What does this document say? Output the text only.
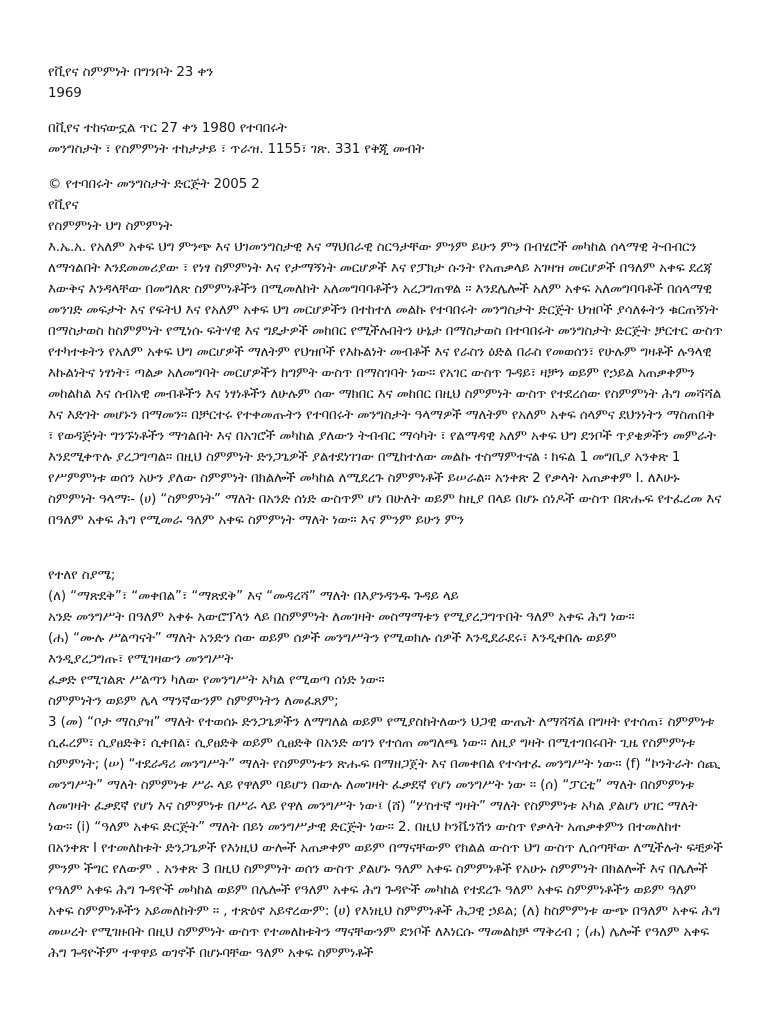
የቪየና ስምምነት በግንቦት 23 ቀን
1969
በቪየና ተከናውኗል ጥር 27 ቀን 1980 የተባበሩት
መንግስታት ፣ የስምምነት ተከታታይ ፣ ጥራዝ. 1155፣ ገጽ. 331 የቅጂ መብት
© የተባበሩት መንግስታት ድርጅት 2005 2
የቪየና
የስምምነት ህግ ስምምነት
እ.ኤ.አ. የአለም አቀፍ ህግ ምንጭ እና ህገመንግስታዊ እና ማህበራዊ ስርዓታቸው ምንም ይሁን ምን በብሄሮች መካከል ሰላማዊ ትብብርን ለማጎልበት እንደመመሪያው ፣ የነፃ ስምምነት እና የታማኝነት መርሆዎች እና የፓክታ ሱንት የአጠቃላይ አገዛዝ መርሆዎች በዓለም አቀፍ ደረጃ እውቅና እንዳላቸው በመግለጽ ስምምነቶችን በሚመለከት አለመግባባቶችን አረጋግጠዋል ። እንደሌሎች አለም አቀፍ አለመግባባቶች በሰላማዊ መንገድ መፍታት እና የፍትህ እና የአለም አቀፍ ህግ መርሆዎችን በተከተለ መልኩ የተባበሩት መንግስታት ድርጅት ህዝቦች ያሳለፉትን ቁርጠኝነት በማስታወስ ከስምምነት የሚነሱ ፍትሃዊ እና ግዴታዎች መከበር የሚችሉበትን ሁኔታ በማስታወስ በተባበሩት መንግስታት ድርጅት ቻርተር ውስጥ የተካተቱትን የአለም አቀፍ ህግ መርሆዎች ማለትም የህዝቦች የእኩልነት መብቶች እና የራስን ዕድል በራስ የመወሰን፣ የሁሉም ግዛቶች ሉዓላዊ እኩልነትና ነፃነት፣ ጣልቃ አለመግባት መርሆዎችን ከግምት ውስጥ በማስገባት ነው። የአገር ውስጥ ጉዳይ፣ ዛቻን ወይም የኃይል አጠቃቀምን መከልከል እና ሰብአዊ መብቶችን እና ነፃነቶችን ለሁሉም ሰው ማክበር እና መከበር በዚህ ስምምነት ውስጥ የተደረሰው የስምምነት ሕግ መሻሻል እና እድገት መሆኑን በማመን። በቻርተሩ የተቀመጡትን የተባበሩት መንግስታት ዓላማዎች ማለትም የአለም አቀፍ ሰላምና ደህንነትን ማስጠበቅ ፣ የወዳጅነት ግንኙነቶችን ማጎልበት እና በአገሮች መካከል ያለውን ትብብር ማሳካት ፣ የልማዳዊ አለም አቀፍ ህግ ደንቦች ጥያቄዎችን መምራት እንደሚቀጥሉ ያረጋግጣል። በዚህ ስምምነት ድንጋጌዎች ያልተደነገገው በሚከተለው መልኩ ተስማምተናል ፡ ክፍል 1 መግቢያ አንቀጽ 1 የሥምምነቱ ወሰን አሁን ያለው ስምምነት በክልሎች መካከል ለሚደረጉ ስምምነቶች ይሠራል። አንቀጽ 2 የቃላት አጠቃቀም I. ለእሁኑ ስምምነት ዓላማ፡- (ሀ) “ስምምነት” ማለት በአንድ ሰነድ ውስጥም ሆነ በሁለት ወይም ከዚያ በላይ በሆኑ ሰነዶች ውስጥ በጽሑፍ የተፈረመ እና በዓለም አቀፍ ሕግ የሚመራ ዓለም አቀፍ ስምምነት ማለት ነው። እና ምንም ይሁን ምን
የተለየ ስያሜ;
(ለ) “ማጽደቅ”፣ “መቀበል”፣ “ማጽደቅ” እና “መዳረሻ” ማለት በእያንዳንዱ ጉዳይ ላይ
አንድ መንግሥት በዓለም አቀፉ አውሮፕላን ላይ በስምምነት ለመገዛት መስማማቱን የሚያረጋግጥበት ዓለም አቀፍ ሕግ ነው።
(ሐ) “ሙሉ ሥልጣናት” ማለት አንድን ሰው ወይም ሰዎች መንግሥትን የሚወክሉ ሰዎች እንዲደራደሩ፣ እንዲቀበሉ ወይም
እንዲያረጋግጡ፣ የሚገዛውን መንግሥት
ፈቃድ የሚገልጽ ሥልጣን ካለው የመንግሥት አካል የሚወጣ ሰነድ ነው።
ስምምነትን ወይም ሌላ ማንኛውንም ስምምነትን ለመፈጸም;
3 (መ) “ቦታ ማስያዝ” ማለት የተወሰኑ ድንጋጌዎችን ለማግለል ወይም የሚያስከትለውን ህጋዊ ውጤት ለማሻሻል በግዛት የተሰጠ፣ ስምምነቱ ሲፈረም፣ ሲያፀድቅ፣ ሲቀበል፣ ሲያፀድቅ ወይም ሲፀድቅ በአንድ ወገን የተሰጠ መግለጫ ነው። ለዚያ ግዛት በሚተገበሩበት ጊዜ የስምምነቱ ስምምነት; (ሠ) “ተደራዳሪ መንግሥት” ማለት የስምምነቱን ጽሑፍ በማዘጋጀት እና በመቀበል የተሳተፈ መንግሥት ነው። (f) “ኮንትራት ሰጪ መንግሥት” ማለት ስምምነቱ ሥራ ላይ የዋለም ባይሆን በውሉ ለመገዛት ፈቃደኛ የሆነ መንግሥት ነው ። (ሰ) “ፓርቲ” ማለት በስምምነቱ ለመገዛት ፈቃደኛ የሆነ እና ስምምነቱ በሥራ ላይ የዋለ መንግሥት ነው፤ (ሸ) “ሦስተኛ ግዛት” ማለት የስምምነቱ አካል ያልሆነ ሀገር ማለት ነው። (i) “ዓለም አቀፍ ድርጅት” ማለት በይነ መንግሥታዊ ድርጅት ነው። 2. በዚህ ኮንቬንሽን ውስጥ የቃላት አጠቃቀምን በተመለከተ በአንቀጽ I የተመለከቱት ድንጋጌዎች የእነዚህ ውሎች አጠቃቀም ወይም በማናቸውም የክልል ውስጥ ህግ ውስጥ ሊሰጣቸው ለሚችሉት ፍቺዎች ምንም ችግር የለውም . አንቀጽ 3 በዚህ ስምምነት ወሰን ውስጥ ያልሆኑ ዓለም አቀፍ ስምምነቶች የአሁኑ ስምምነት በክልሎች እና በሌሎች የዓለም አቀፍ ሕግ ጉዳዮች መካከል ወይም በሌሎች የዓለም አቀፍ ሕግ ጉዳዮች መካከል የተደረጉ ዓለም አቀፍ ስምምነቶችን ወይም ዓለም አቀፍ ስምምነቶችን አይመለከትም ። , ተጽዕኖ አይኖረውም: (ሀ) የእነዚህ ስምምነቶች ሕጋዊ ኃይል; (ለ) ከስምምነቱ ውጭ በዓለም አቀፍ ሕግ መሠረት የሚገዙበት በዚህ ስምምነት ውስጥ የተመለከቱትን ማናቸውንም ደንቦች ለእነርሱ ማመልከቻ ማቅረብ ; (ሐ) ሌሎች የዓለም አቀፍ ሕግ ጉዳዮችም ተዋዋይ ወገኖች በሆኑባቸው ዓለም አቀፍ ስምምነቶች
